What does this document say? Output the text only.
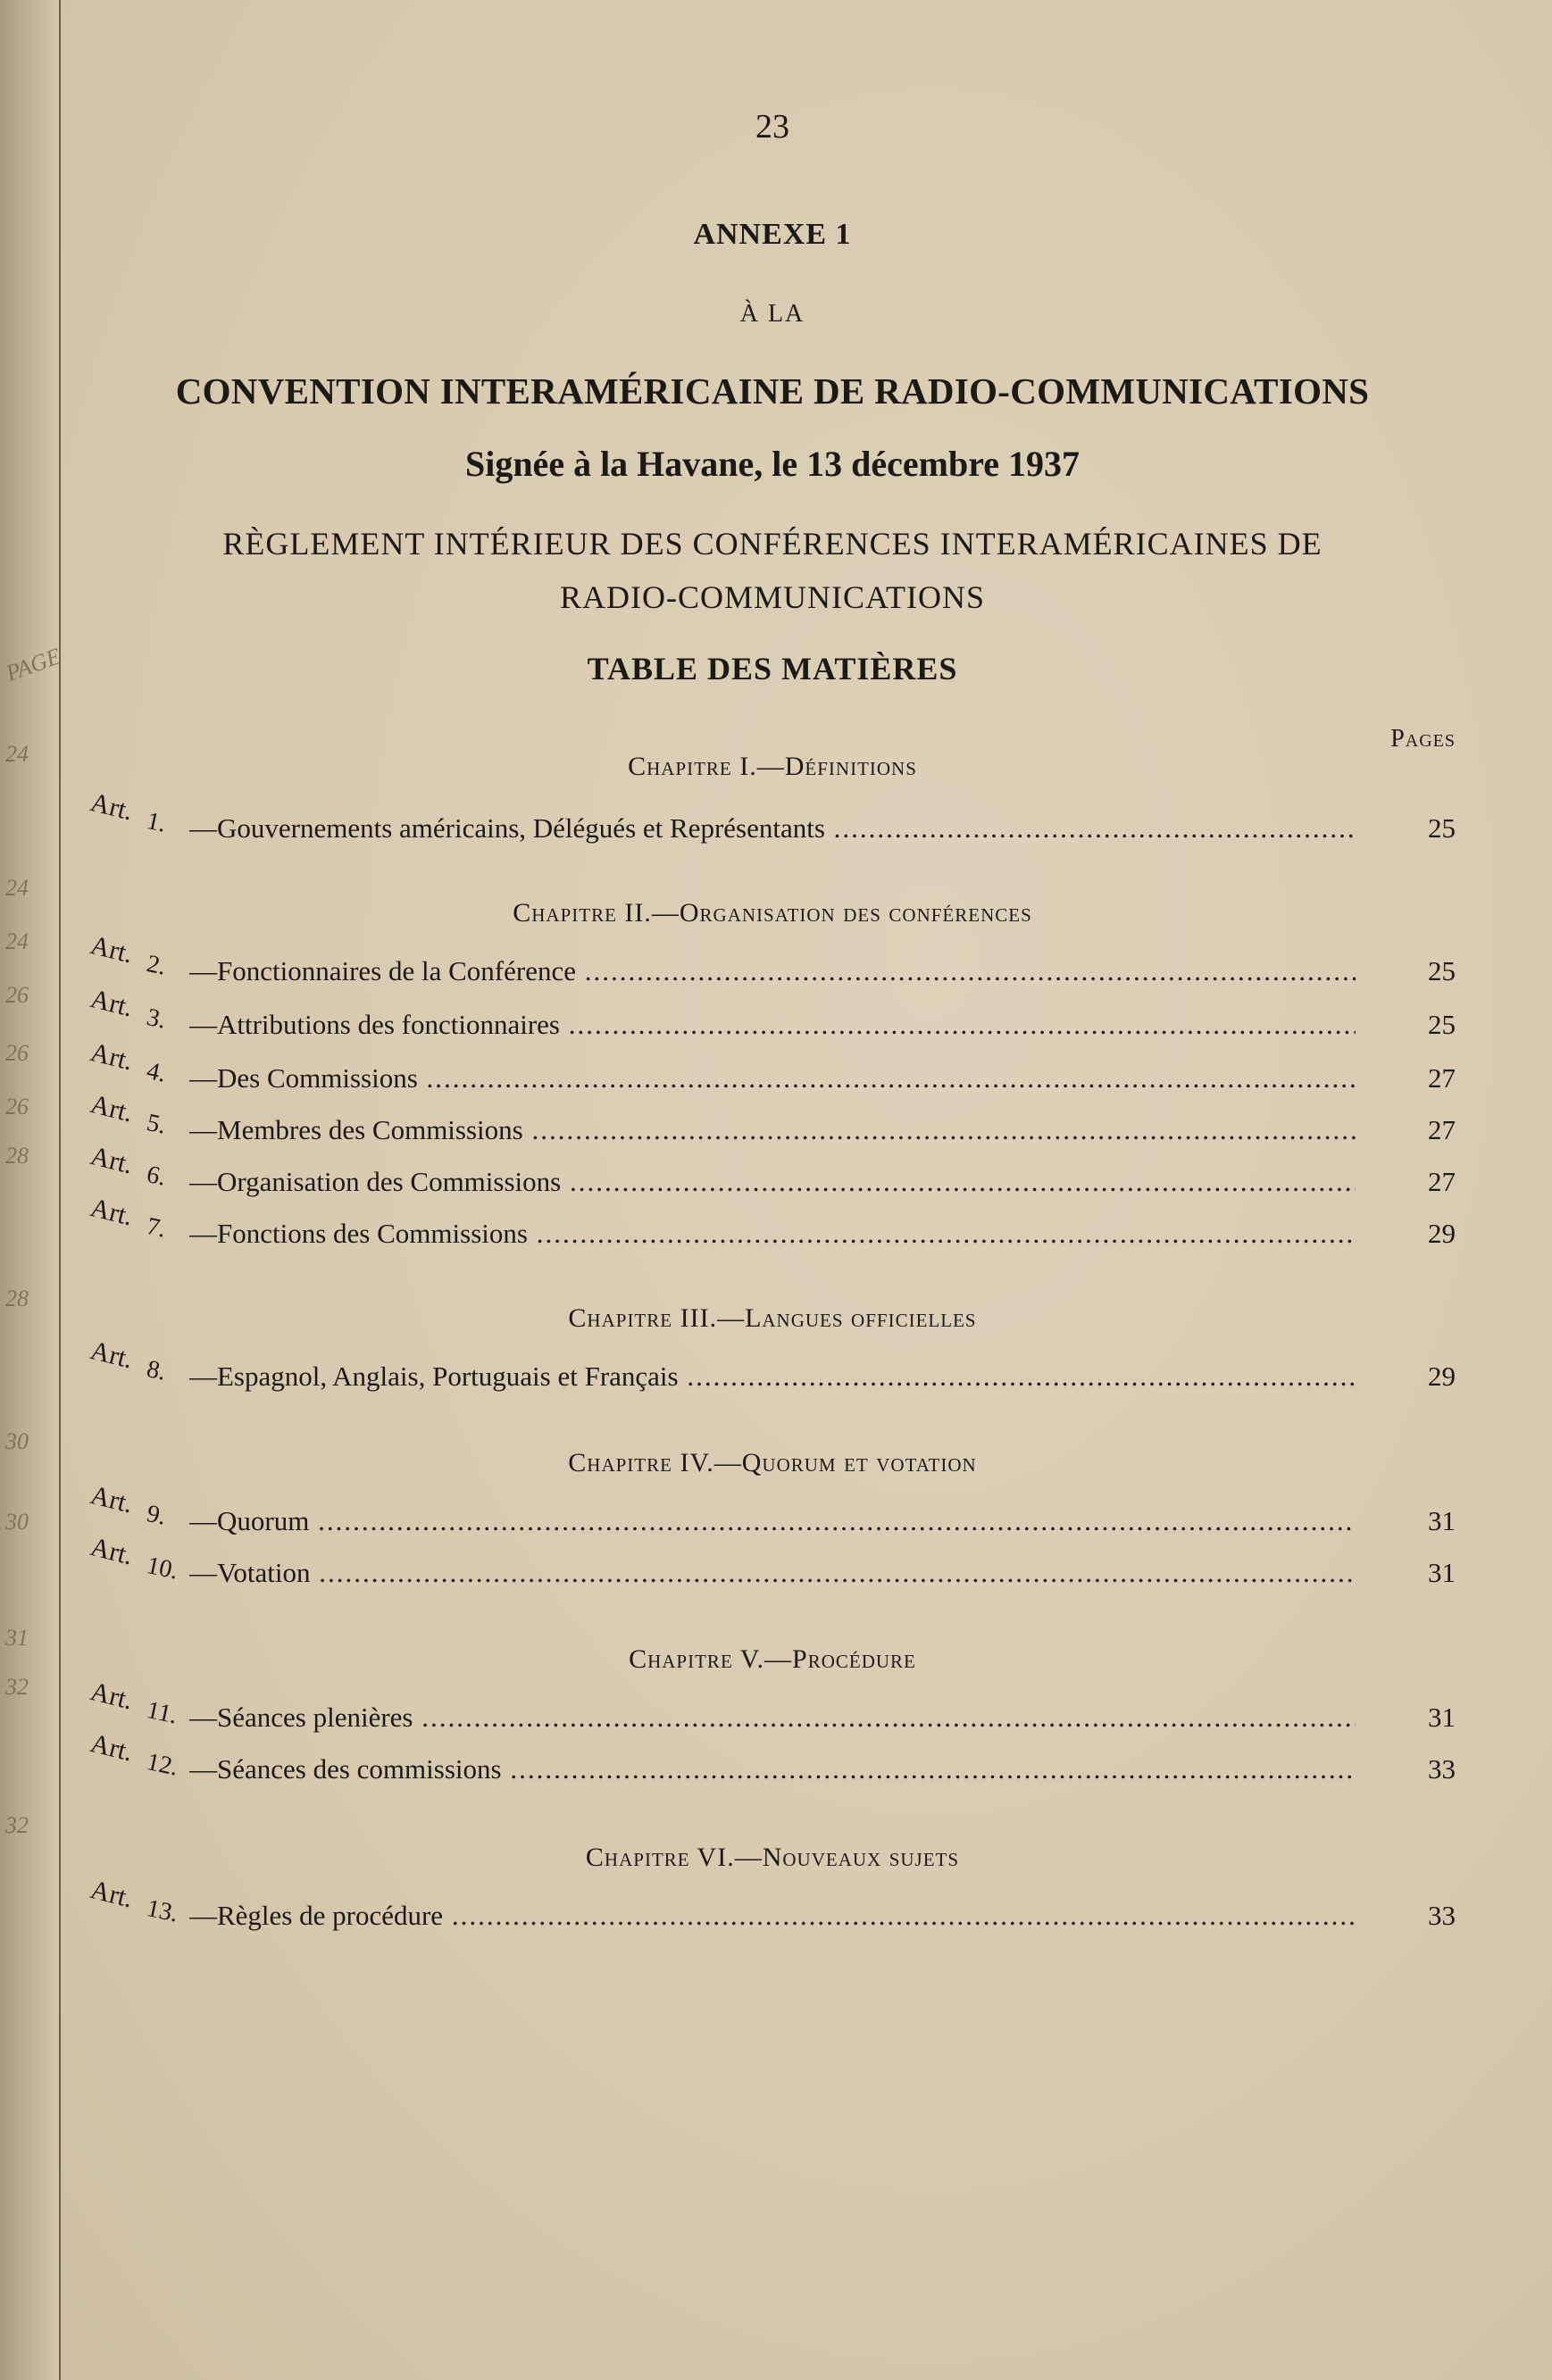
PAGE
24
24
24
26
26
26
28
28
30
30
31
32
32
23
ANNEXE 1
À LA
CONVENTION INTERAMÉRICAINE DE RADIO-COMMUNICATIONS
Signée à la Havane, le 13 décembre 1937
RÈGLEMENT INTÉRIEUR DES CONFÉRENCES INTERAMÉRICAINES DE
RADIO-COMMUNICATIONS
TABLE DES MATIÈRES
Pages
Chapitre I.—Définitions
Art. 1. —Gouvernements américains, Délégués et Représentants .....	25
Chapitre II.—Organisation des conférences
Art. 2. —Fonctionnaires de la Conférence .....	25
Art. 3. —Attributions des fonctionnaires .....	25
Art. 4. —Des Commissions .....	27
Art. 5. —Membres des Commissions .....	27
Art. 6. —Organisation des Commissions .....	27
Art. 7. —Fonctions des Commissions .....	29
Chapitre III.—Langues officielles
Art. 8. —Espagnol, Anglais, Portuguais et Français .....	29
Chapitre IV.—Quorum et votation
Art. 9. —Quorum .....	31
Art. 10. —Votation .....	31
Chapitre V.—Procédure
Art. 11. —Séances plenières .....	31
Art. 12. —Séances des commissions .....	33
Chapitre VI.—Nouveaux sujets
Art. 13. —Règles de procédure .....	33
